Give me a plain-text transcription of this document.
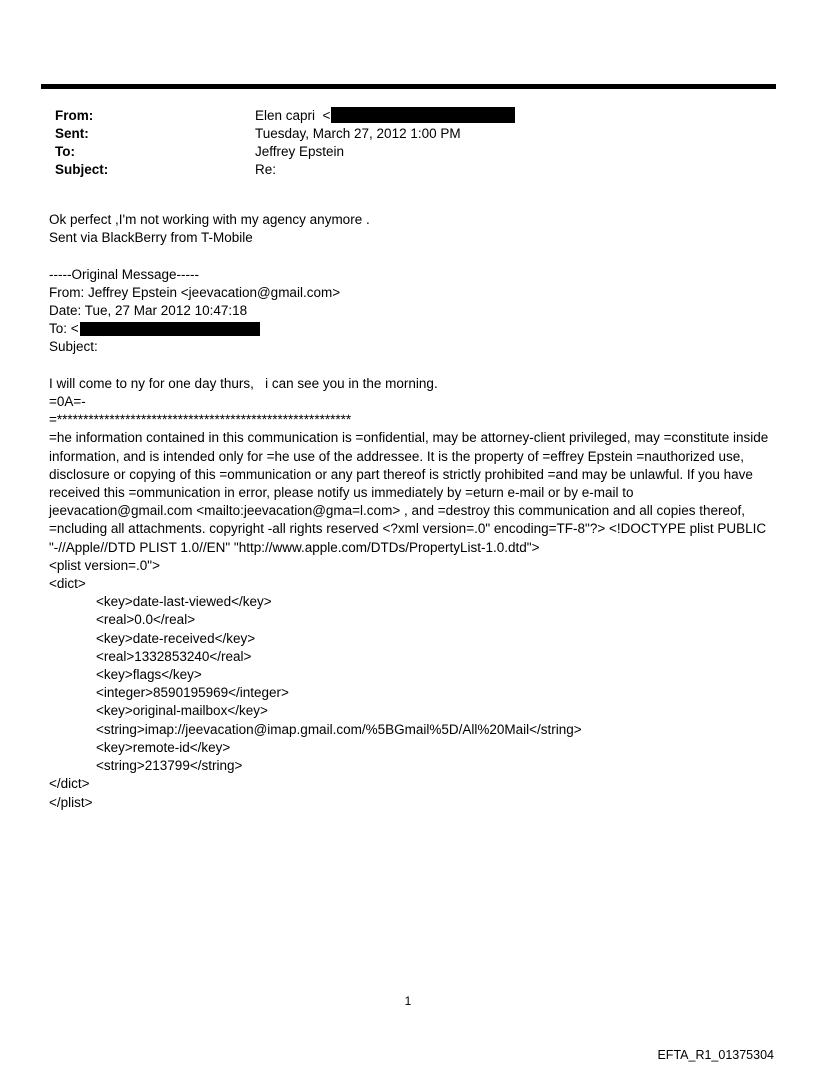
From:	Elen capri  <
Sent:	Tuesday, March 27, 2012 1:00 PM
To:	Jeffrey Epstein
Subject:	Re:
Ok perfect ,I'm not working with my agency anymore .
Sent via BlackBerry from T-Mobile

-----Original Message-----
From: Jeffrey Epstein <jeevacation@gmail.com>
Date: Tue, 27 Mar 2012 10:47:18
To: <
Subject:

I will come to ny for one day thurs,   i can see you in the morning.
=0A=-
=********************************************************
=he information contained in this communication is =onfidential, may be attorney-client privileged, may =constitute inside information, and is intended only for =he use of the addressee. It is the property of =effrey Epstein =nauthorized use, disclosure or copying of this =ommunication or any part thereof is strictly prohibited =and may be unlawful. If you have received this =ommunication in error, please notify us immediately by =eturn e-mail or by e-mail to jeevacation@gmail.com <mailto:jeevacation@gma=l.com> , and =destroy this communication and all copies thereof, =ncluding all attachments. copyright -all rights reserved <?xml version=.0" encoding=TF-8"?> <!DOCTYPE plist PUBLIC "-//Apple//DTD PLIST 1.0//EN" "http://www.apple.com/DTDs/PropertyList-1.0.dtd">
<plist version=.0">
<dict>
<key>date-last-viewed</key>
<real>0.0</real>
<key>date-received</key>
<real>1332853240</real>
<key>flags</key>
<integer>8590195969</integer>
<key>original-mailbox</key>
<string>imap://jeevacation@imap.gmail.com/%5BGmail%5D/All%20Mail</string>
<key>remote-id</key>
<string>213799</string>
</dict>
</plist>
1
EFTA_R1_01375304
